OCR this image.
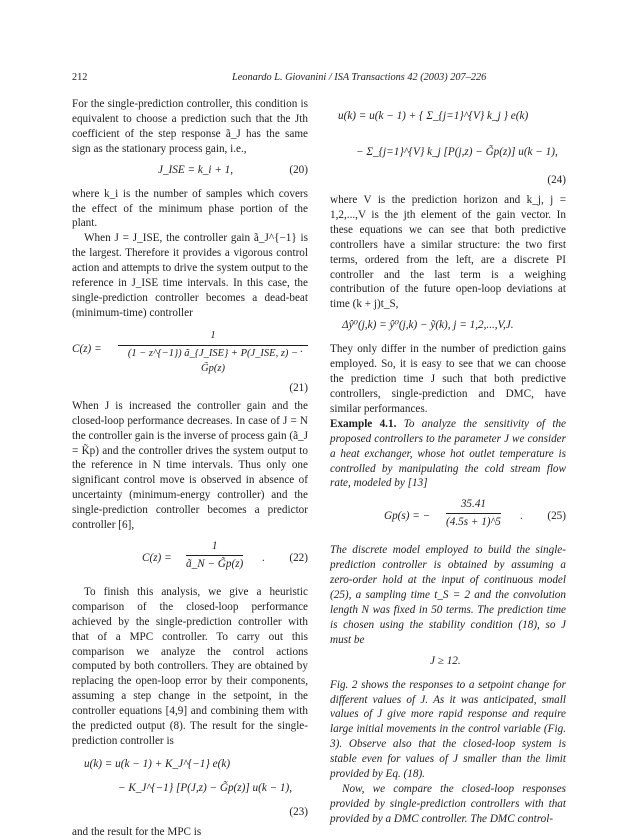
212	Leonardo L. Giovanini / ISA Transactions 42 (2003) 207–226

For the single-prediction controller, this condition is equivalent to choose a prediction such that the Jth coefficient of the step response ã_J has the same sign as the stationary process gain, i.e.,

J_ISE = k_i + 1,	(20)

where k_i is the number of samples which covers the effect of the minimum phase portion of the plant.

When J = J_ISE, the controller gain ã_J^{−1} is the largest. Therefore it provides a vigorous control action and attempts to drive the system output to the reference in J_ISE time intervals. In this case, the single-prediction controller becomes a dead-beat (minimum-time) controller

C(z) =
1
(1 − z^{−1}) ã_{J_ISE} + P(J_ISE, z) − G̃p(z)
.
(21)

When J is increased the controller gain and the closed-loop performance decreases. In case of J = N the controller gain is the inverse of process gain (ã_J = K̃p) and the controller drives the system output to the reference in N time intervals. Thus only one significant control move is observed in absence of uncertainty (minimum-energy controller) and the single-prediction controller becomes a predictor controller [6],

$C(z) = \frac{1}{ã\_N - G̃p(z)}$ . (22)

To finish this analysis, we give a heuristic comparison of the closed-loop performance achieved by the single-prediction controller with that of a MPC controller. To carry out this comparison we analyze the control actions computed by both controllers. They are obtained by replacing the open-loop error by their components, assuming a step change in the setpoint, in the controller equations [4,9] and combining them with the predicted output (8). The result for the single-prediction controller is

u(k) = u(k − 1) + K_J^{−1} e(k)
− K_J^{−1} [P(J,z) − G̃p(z)] u(k − 1),
(23)

and the result for the MPC is

u(k) = u(k − 1) + { Σ_{j=1}^{V} k_j } e(k)
− Σ_{j=1}^{V} k_j [P(j,z) − G̃p(z)] u(k − 1),
(24)

where V is the prediction horizon and k_j, j = 1,2,...,V is the jth element of the gain vector. In these equations we can see that both predictive controllers have a similar structure: the two first terms, ordered from the left, are a discrete PI controller and the last term is a weighing contribution of the future open-loop deviations at time (k + j)t_S,

Δŷ⁰(j,k) = ŷ⁰(j,k) − ỹ(k), j = 1,2,...,V,J.

They only differ in the number of prediction gains employed. So, it is easy to see that we can choose the prediction time J such that both predictive controllers, single-prediction and DMC, have similar performances.

Example 4.1. To analyze the sensitivity of the proposed controllers to the parameter J we consider a heat exchanger, whose hot outlet temperature is controlled by manipulating the cold stream flow rate, modeled by [13]

Gp(s) = − $\frac{35.41}{(4.5s + 1)\^{}5}$ . (25)

The discrete model employed to build the single-prediction controller is obtained by assuming a zero-order hold at the input of continuous model (25), a sampling time t_S = 2 and the convolution length N was fixed in 50 terms. The prediction time is chosen using the stability condition (18), so J must be

J ≥ 12.

Fig. 2 shows the responses to a setpoint change for different values of J. As it was anticipated, small values of J give more rapid response and require large initial movements in the control variable (Fig. 3). Observe also that the closed-loop system is stable even for values of J smaller than the limit provided by Eq. (18).

Now, we compare the closed-loop responses provided by single-prediction controllers with that provided by a DMC controller. The DMC control-
